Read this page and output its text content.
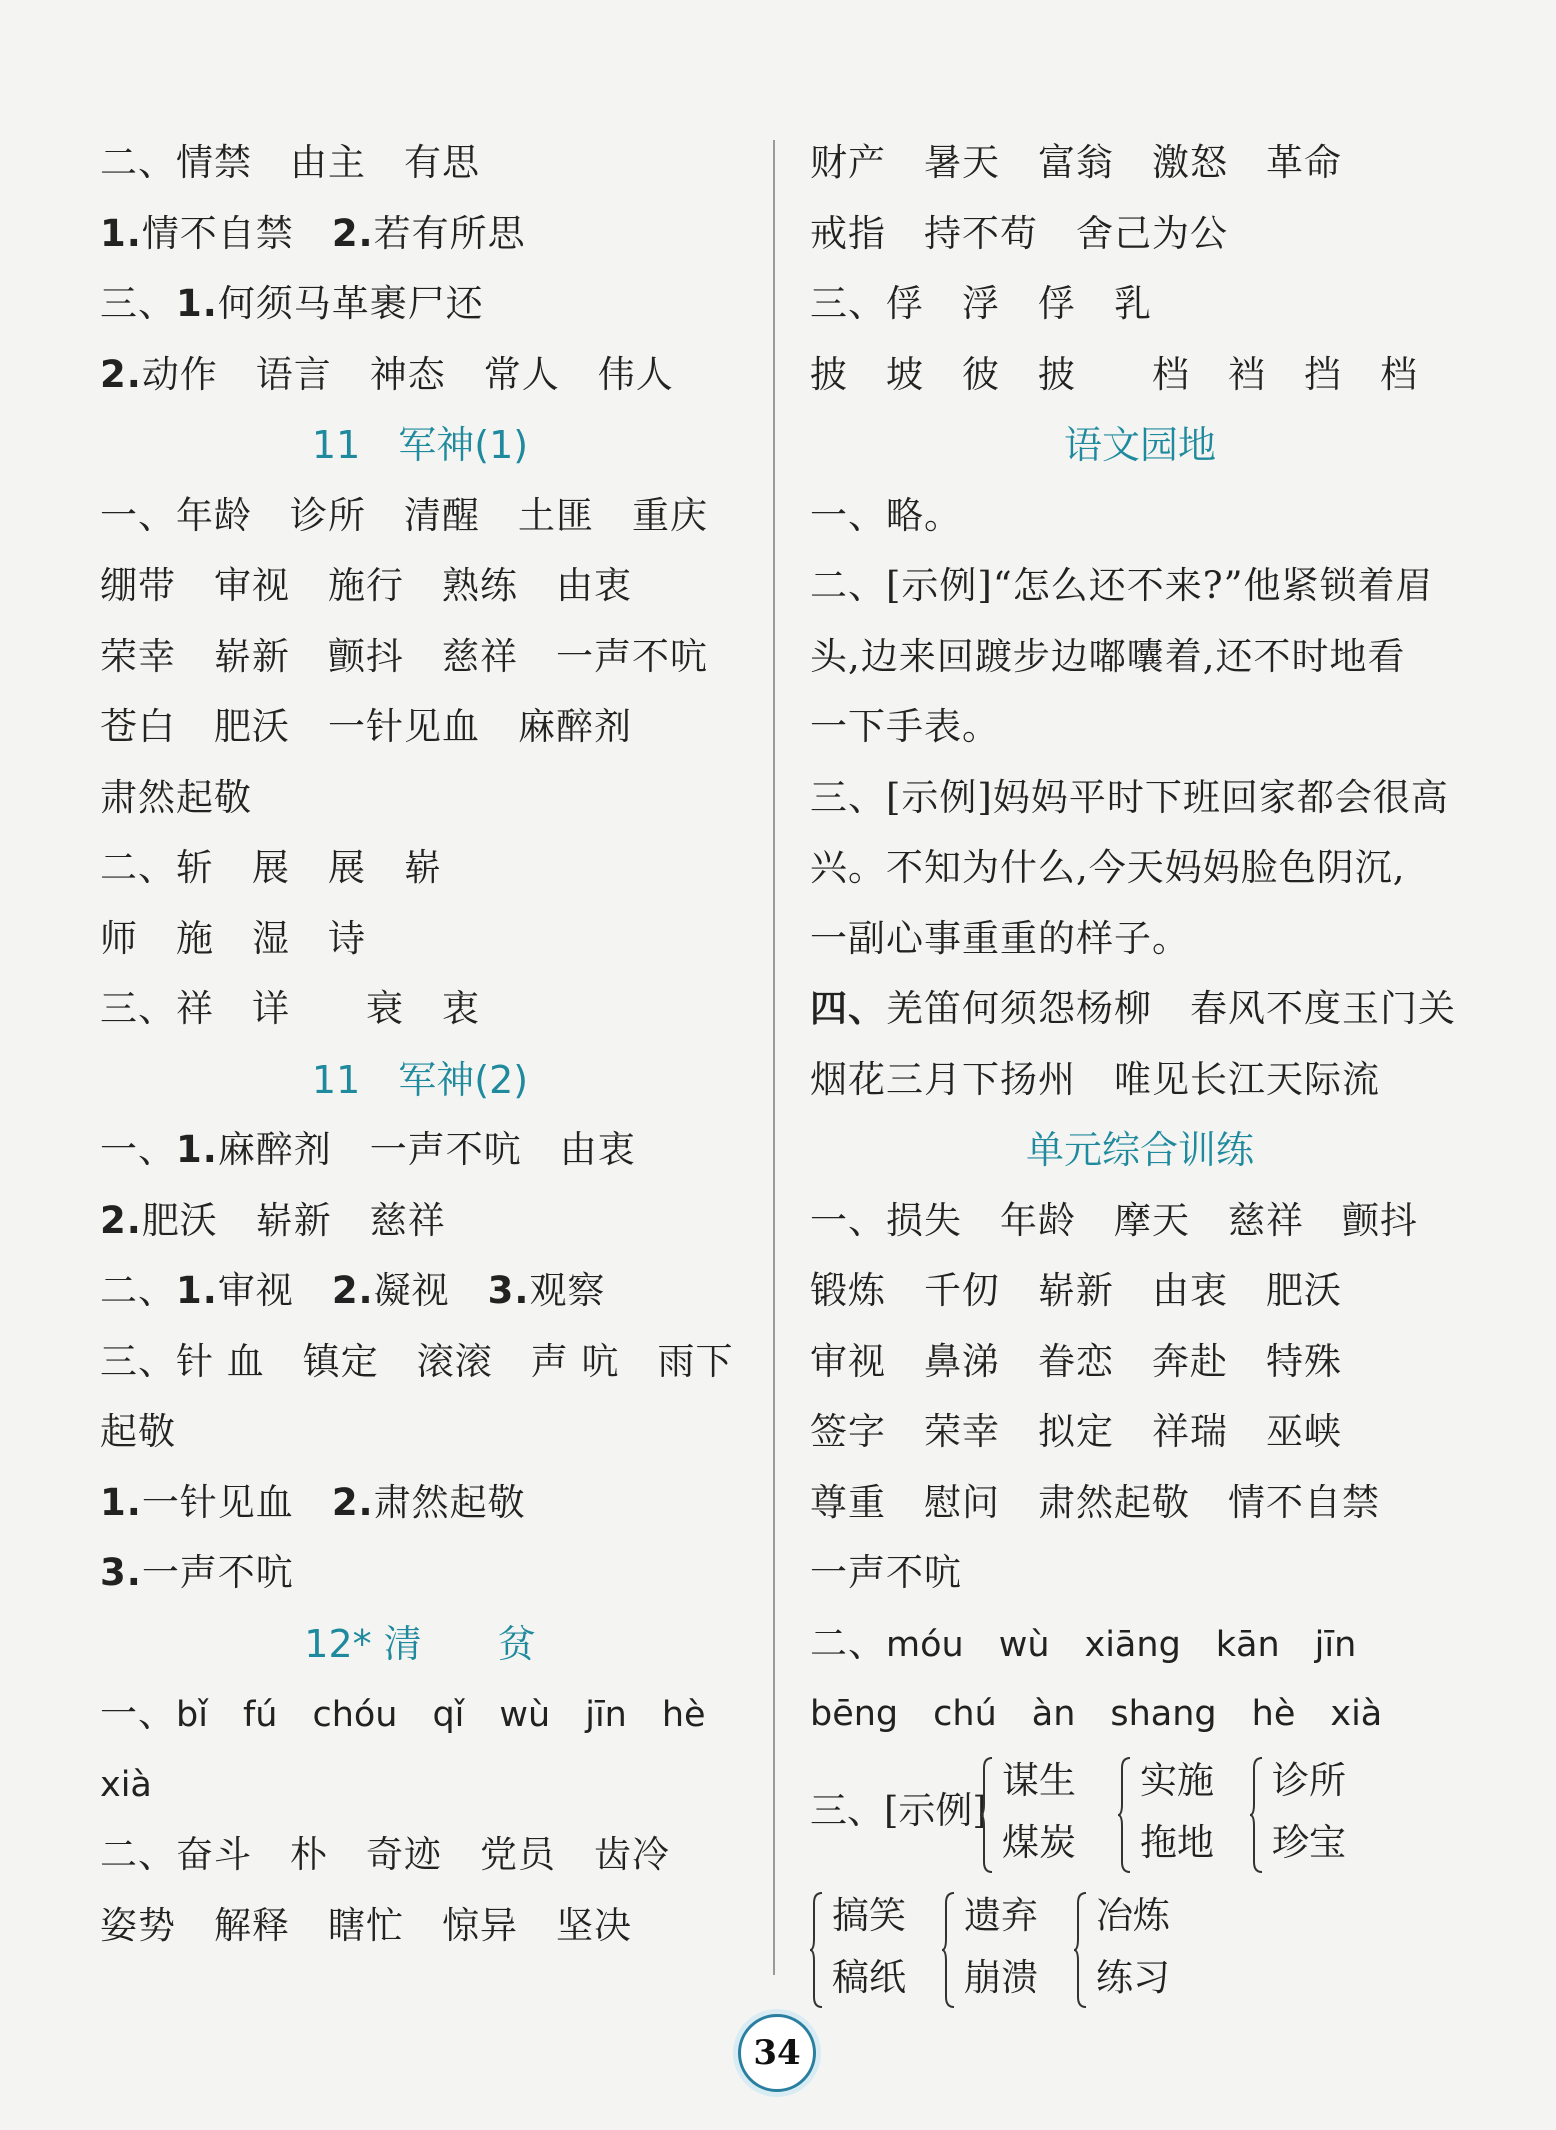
二、情禁　由主　有思
1.情不自禁　2.若有所思
三、1.何须马革裹尸还
2.动作　语言　神态　常人　伟人
11　军神(1)
一、年龄　诊所　清醒　土匪　重庆
绷带　审视　施行　熟练　由衷
荣幸　崭新　颤抖　慈祥　一声不吭
苍白　肥沃　一针见血　麻醉剂
肃然起敬
二、斩　展　展　崭
师　施　湿　诗
三、祥　详　　衰　衷
11　军神(2)
一、1.麻醉剂　一声不吭　由衷
2.肥沃　崭新　慈祥
二、1.审视　2.凝视　3.观察
三、针 血　镇定　滚滚　声 吭　雨下
起敬
1.一针见血　2.肃然起敬
3.一声不吭
12* 清　　贫
一、bǐ　fú　chóu　qǐ　wù　jīn　hè
xià
二、奋斗　朴　奇迹　党员　齿冷
姿势　解释　瞎忙　惊异　坚决
财产　暑天　富翁　激怒　革命
戒指　持不苟　舍己为公
三、俘　浮　俘　乳
披　坡　彼　披　　档　裆　挡　档
语文园地
一、略。
二、[示例]“怎么还不来?”他紧锁着眉
头,边来回踱步边嘟囔着,还不时地看
一下手表。
三、[示例]妈妈平时下班回家都会很高
兴。不知为什么,今天妈妈脸色阴沉,
一副心事重重的样子。
四、羌笛何须怨杨柳　春风不度玉门关
烟花三月下扬州　唯见长江天际流
单元综合训练
一、损失　年龄　摩天　慈祥　颤抖
锻炼　千仞　崭新　由衷　肥沃
审视　鼻涕　眷恋　奔赴　特殊
签字　荣幸　拟定　祥瑞　巫峡
尊重　慰问　肃然起敬　情不自禁
一声不吭
二、móu　wù　xiāng　kān　jīn
bēng　chú　àn　shang　hè　xià
三、[示例]
谋生
煤炭
实施
拖地
诊所
珍宝
搞笑
稿纸
遗弃
崩溃
冶炼
练习
34
